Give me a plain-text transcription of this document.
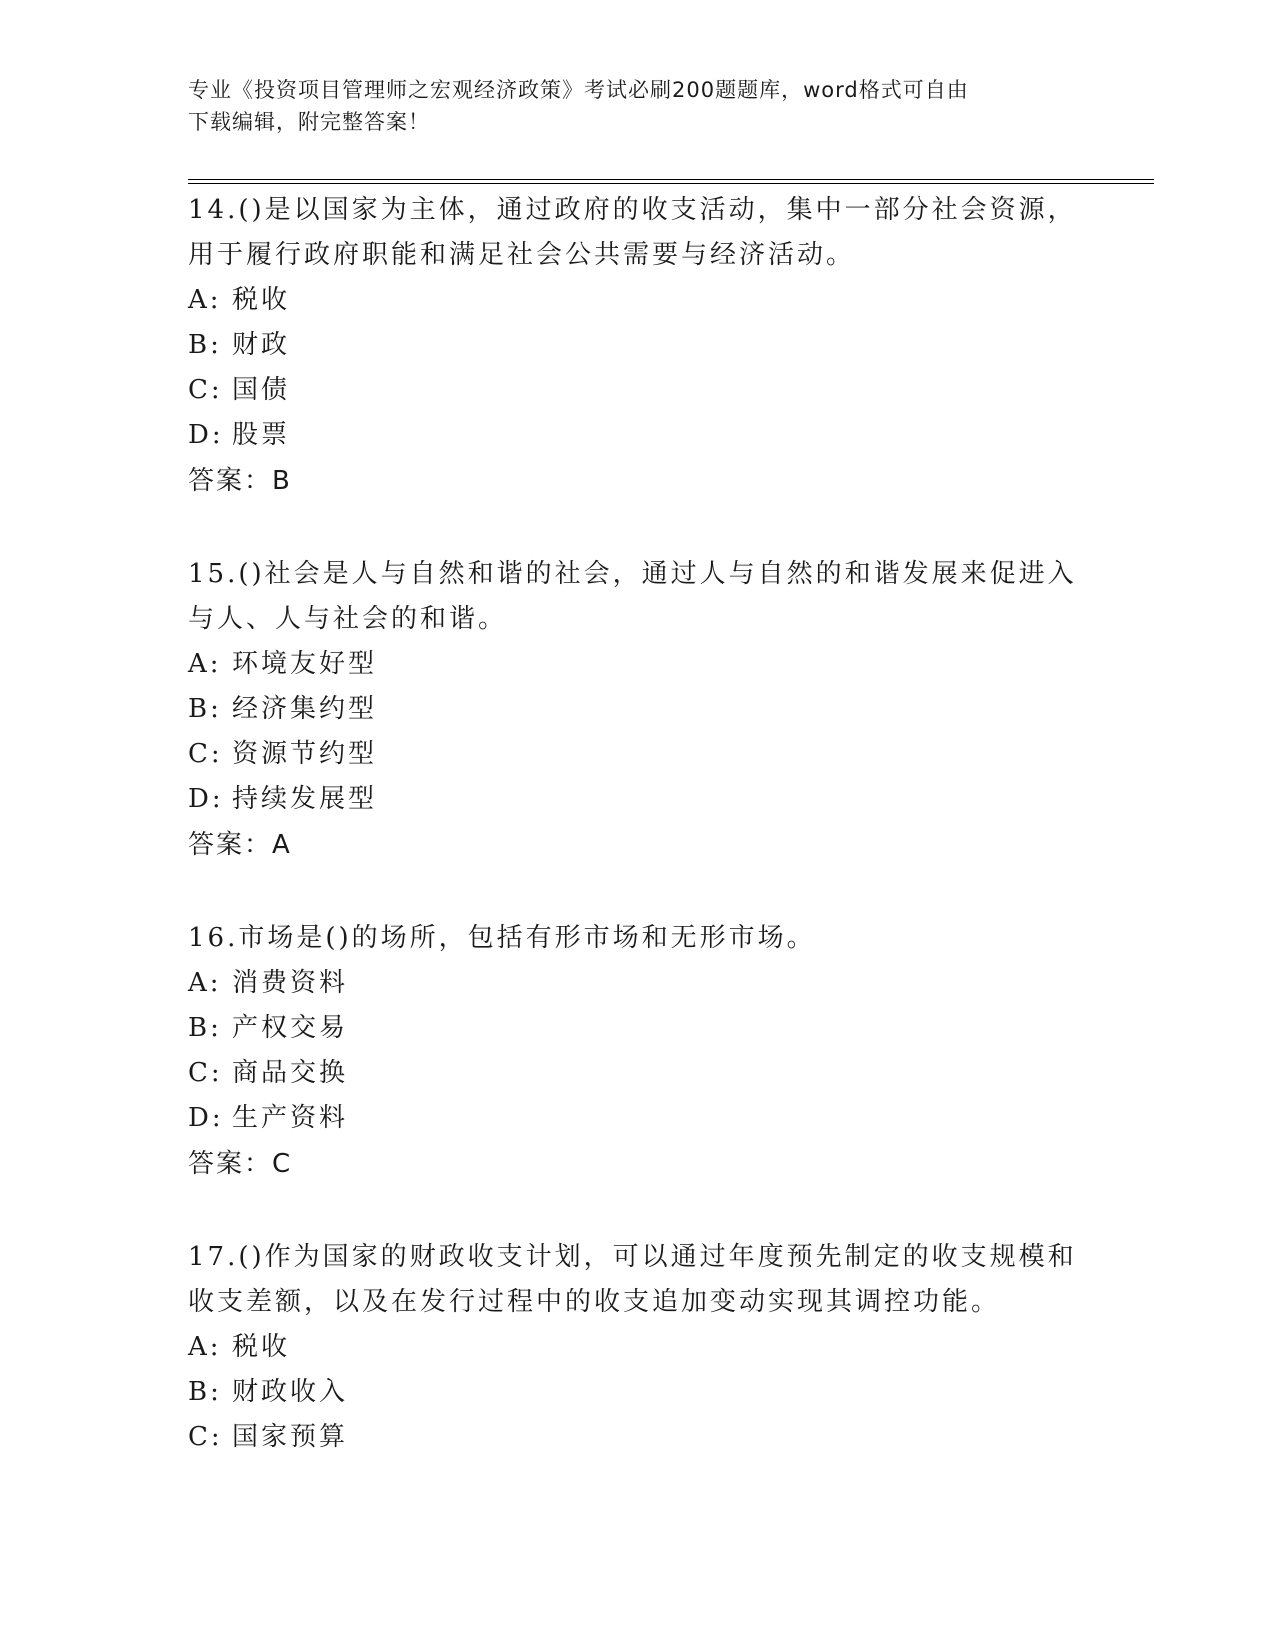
专业《投资项目管理师之宏观经济政策》考试必刷200题题库，word格式可自由
下载编辑，附完整答案！

14.()是以国家为主体，通过政府的收支活动，集中一部分社会资源，

用于履行政府职能和满足社会公共需要与经济活动。

A: 税收

B: 财政

C: 国债

D: 股票

答案：B

15.()社会是人与自然和谐的社会，通过人与自然的和谐发展来促进入

与人、人与社会的和谐。

A: 环境友好型

B: 经济集约型

C: 资源节约型

D: 持续发展型

答案：A

16.市场是()的场所，包括有形市场和无形市场。

A: 消费资料

B: 产权交易

C: 商品交换

D: 生产资料

答案：C

17.()作为国家的财政收支计划，可以通过年度预先制定的收支规模和

收支差额，以及在发行过程中的收支追加变动实现其调控功能。

A: 税收

B: 财政收入

C: 国家预算
